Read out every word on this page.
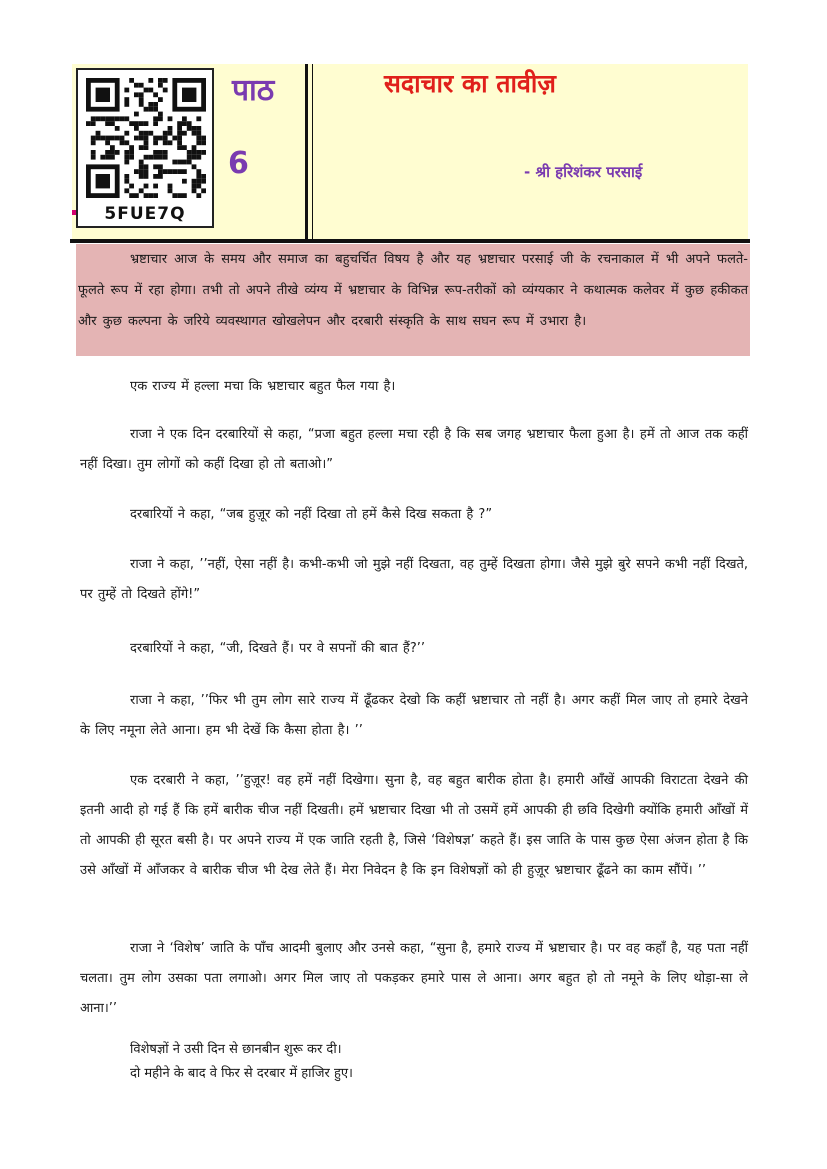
5FUE7Q
पाठ
6
सदाचार का तावीज़
- श्री हरिशंकर परसाई

भ्रष्टाचार आज के समय और समाज का बहुचर्चित विषय है और यह भ्रष्टाचार परसाई जी के रचनाकाल में भी अपने फलते-फूलते रूप में रहा होगा। तभी तो अपने तीखे व्यंग्य में भ्रष्टाचार के विभिन्न रूप-तरीकों को व्यंग्यकार ने कथात्मक कलेवर में कुछ हकीकत और कुछ कल्पना के जरिये व्यवस्थागत खोखलेपन और दरबारी संस्कृति के साथ सघन रूप में उभारा है।

एक राज्य में हल्ला मचा कि भ्रष्टाचार बहुत फैल गया है।

राजा ने एक दिन दरबारियों से कहा, “प्रजा बहुत हल्ला मचा रही है कि सब जगह भ्रष्टाचार फैला हुआ है। हमें तो आज तक कहीं नहीं दिखा। तुम लोगों को कहीं दिखा हो तो बताओ।”

दरबारियों ने कहा, “जब हुज़ूर को नहीं दिखा तो हमें कैसे दिख सकता है ?”

राजा ने कहा, ’’नहीं, ऐसा नहीं है। कभी-कभी जो मुझे नहीं दिखता, वह तुम्हें दिखता होगा। जैसे मुझे बुरे सपने कभी नहीं दिखते, पर तुम्हें तो दिखते होंगे!”

दरबारियों ने कहा, “जी, दिखते हैं। पर वे सपनों की बात हैं?’’

राजा ने कहा, ’’फिर भी तुम लोग सारे राज्य में ढूँढकर देखो कि कहीं भ्रष्टाचार तो नहीं है। अगर कहीं मिल जाए तो हमारे देखने के लिए नमूना लेते आना। हम भी देखें कि कैसा होता है। ’’

एक दरबारी ने कहा, ’’हुज़ूर! वह हमें नहीं दिखेगा। सुना है, वह बहुत बारीक होता है। हमारी आँखें आपकी विराटता देखने की इतनी आदी हो गई हैं कि हमें बारीक चीज नहीं दिखती। हमें भ्रष्टाचार दिखा भी तो उसमें हमें आपकी ही छवि दिखेगी क्योंकि हमारी आँखों में तो आपकी ही सूरत बसी है। पर अपने राज्य में एक जाति रहती है, जिसे ‘विशेषज्ञ’ कहते हैं। इस जाति के पास कुछ ऐसा अंजन होता है कि उसे आँखों में आँजकर वे बारीक चीज भी देख लेते हैं। मेरा निवेदन है कि इन विशेषज्ञों को ही हुज़ूर भ्रष्टाचार ढूँढने का काम सौंपें। ’’

राजा ने ‘विशेष’ जाति के पाँच आदमी बुलाए और उनसे कहा, “सुना है, हमारे राज्य में भ्रष्टाचार है। पर वह कहाँ है, यह पता नहीं चलता। तुम लोग उसका पता लगाओ। अगर मिल जाए तो पकड़कर हमारे पास ले आना। अगर बहुत हो तो नमूने के लिए थोड़ा-सा ले आना।’’

विशेषज्ञों ने उसी दिन से छानबीन शुरू कर दी।

दो महीने के बाद वे फिर से दरबार में हाजिर हुए।
